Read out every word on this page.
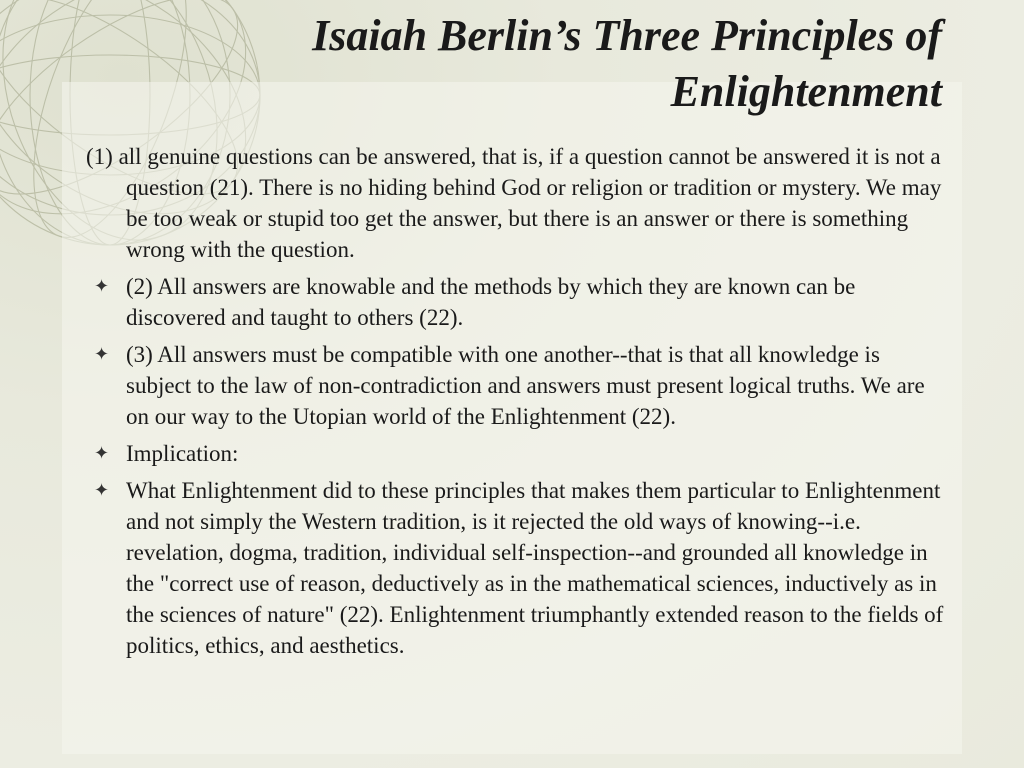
Isaiah Berlin’s Three Principles of Enlightenment
(1) all genuine questions can be answered, that is, if a question cannot be answered it is not a question (21). There is no hiding behind God or religion or tradition or mystery. We may be too weak or stupid too get the answer, but there is an answer or there is something wrong with the question.
✦ (2) All answers are knowable and the methods by which they are known can be discovered and taught to others (22).
✦ (3) All answers must be compatible with one another--that is that all knowledge is subject to the law of non-contradiction and answers must present logical truths. We are on our way to the Utopian world of the Enlightenment (22).
✦ Implication:
✦ What Enlightenment did to these principles that makes them particular to Enlightenment and not simply the Western tradition, is it rejected the old ways of knowing--i.e. revelation, dogma, tradition, individual self-inspection--and grounded all knowledge in the "correct use of reason, deductively as in the mathematical sciences, inductively as in the sciences of nature" (22). Enlightenment triumphantly extended reason to the fields of politics, ethics, and aesthetics.
